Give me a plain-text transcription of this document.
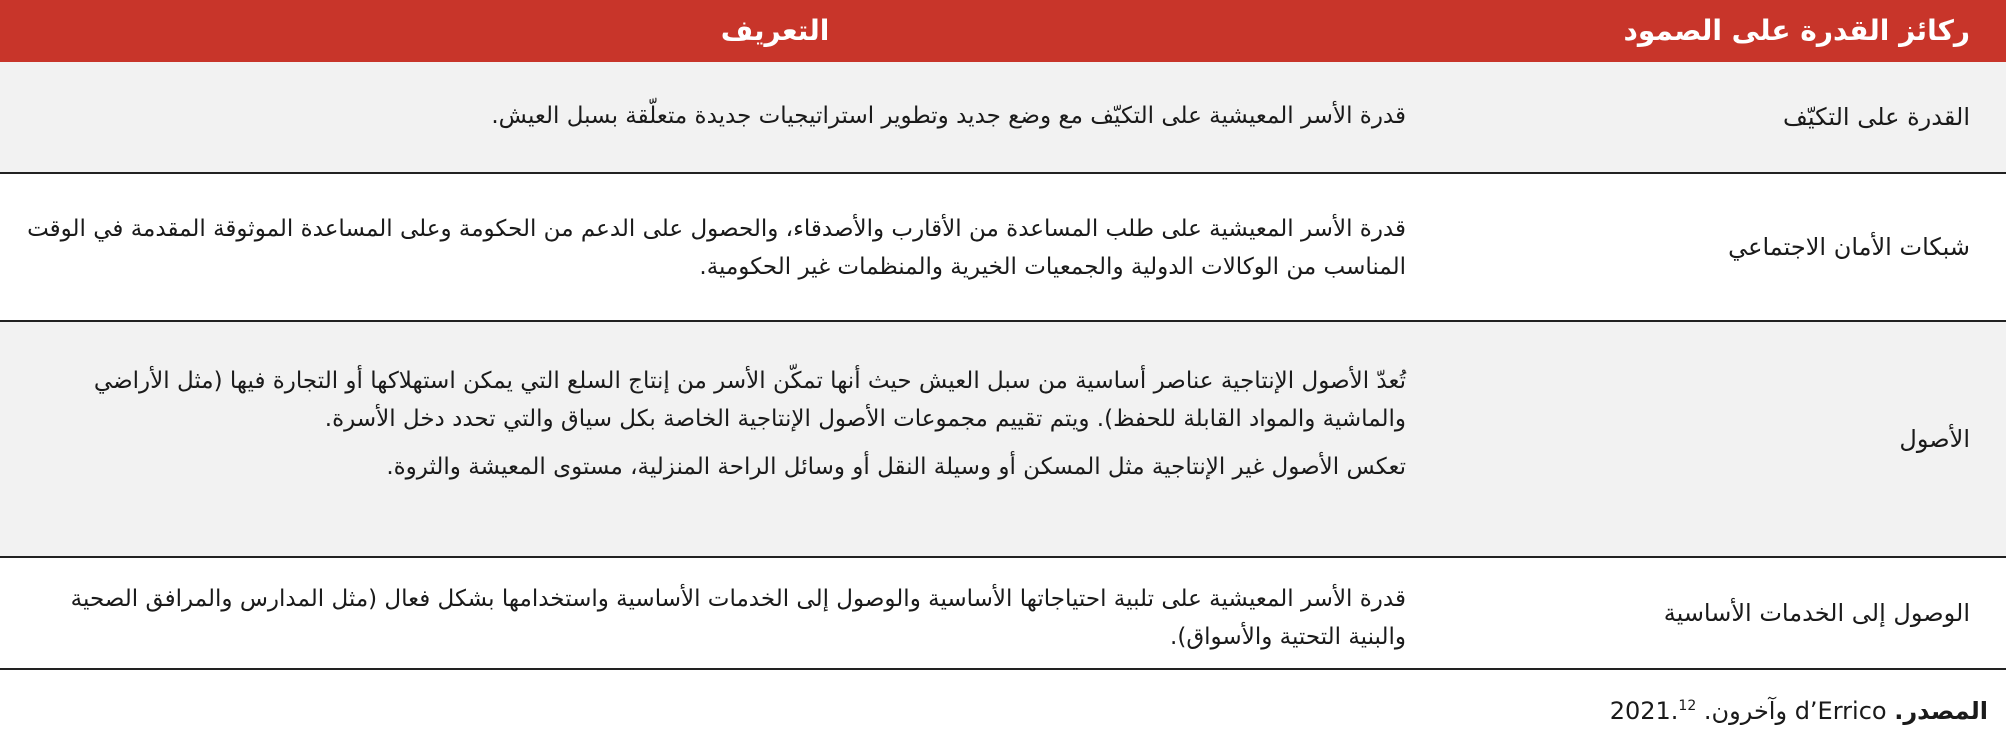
ركائز القدرة على الصمود
التعريف
القدرة على التكيّف

قدرة الأسر المعيشية على التكيّف مع وضع جديد وتطوير استراتيجيات جديدة متعلّقة بسبل العيش.

شبكات الأمان الاجتماعي

قدرة الأسر المعيشية على طلب المساعدة من الأقارب والأصدقاء، والحصول على الدعم من الحكومة وعلى المساعدة الموثوقة المقدمة في الوقت المناسب من الوكالات الدولية والجمعيات الخيرية والمنظمات غير الحكومية.

الأصول

تُعدّ الأصول الإنتاجية عناصر أساسية من سبل العيش حيث أنها تمكّن الأسر من إنتاج السلع التي يمكن استهلاكها أو التجارة فيها (مثل الأراضي والماشية والمواد القابلة للحفظ). ويتم تقييم مجموعات الأصول الإنتاجية الخاصة بكل سياق والتي تحدد دخل الأسرة.

تعكس الأصول غير الإنتاجية مثل المسكن أو وسيلة النقل أو وسائل الراحة المنزلية، مستوى المعيشة والثروة.

الوصول إلى الخدمات الأساسية

قدرة الأسر المعيشية على تلبية احتياجاتها الأساسية والوصول إلى الخدمات الأساسية واستخدامها بشكل فعال (مثل المدارس والمرافق الصحية والبنية التحتية والأسواق).

المصدر. d’Errico وآخرون. 2021.12
